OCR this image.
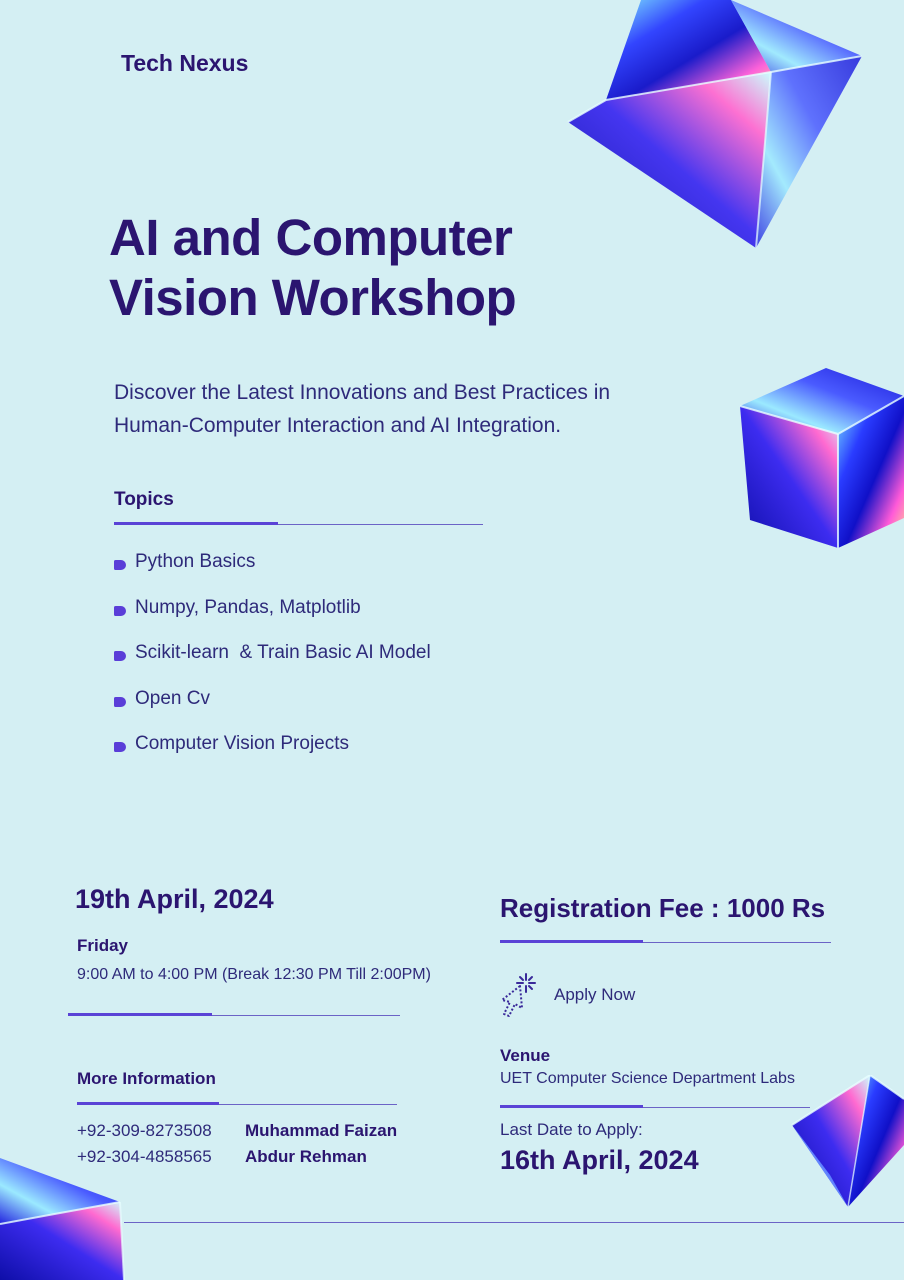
Tech Nexus
AI and Computer
Vision Workshop
Discover the Latest Innovations and Best Practices in
Human-Computer Interaction and AI Integration.
Topics
Python Basics
Numpy, Pandas, Matplotlib
Scikit-learn  & Train Basic AI Model
Open Cv
Computer Vision Projects
19th April, 2024
Friday
9:00 AM to 4:00 PM (Break 12:30 PM Till 2:00PM)
More Information
+92-309-8273508 Muhammad Faizan
+92-304-4858565 Abdur Rehman
Registration Fee : 1000 Rs
Apply Now
Venue
UET Computer Science Department Labs
Last Date to Apply:
16th April, 2024
